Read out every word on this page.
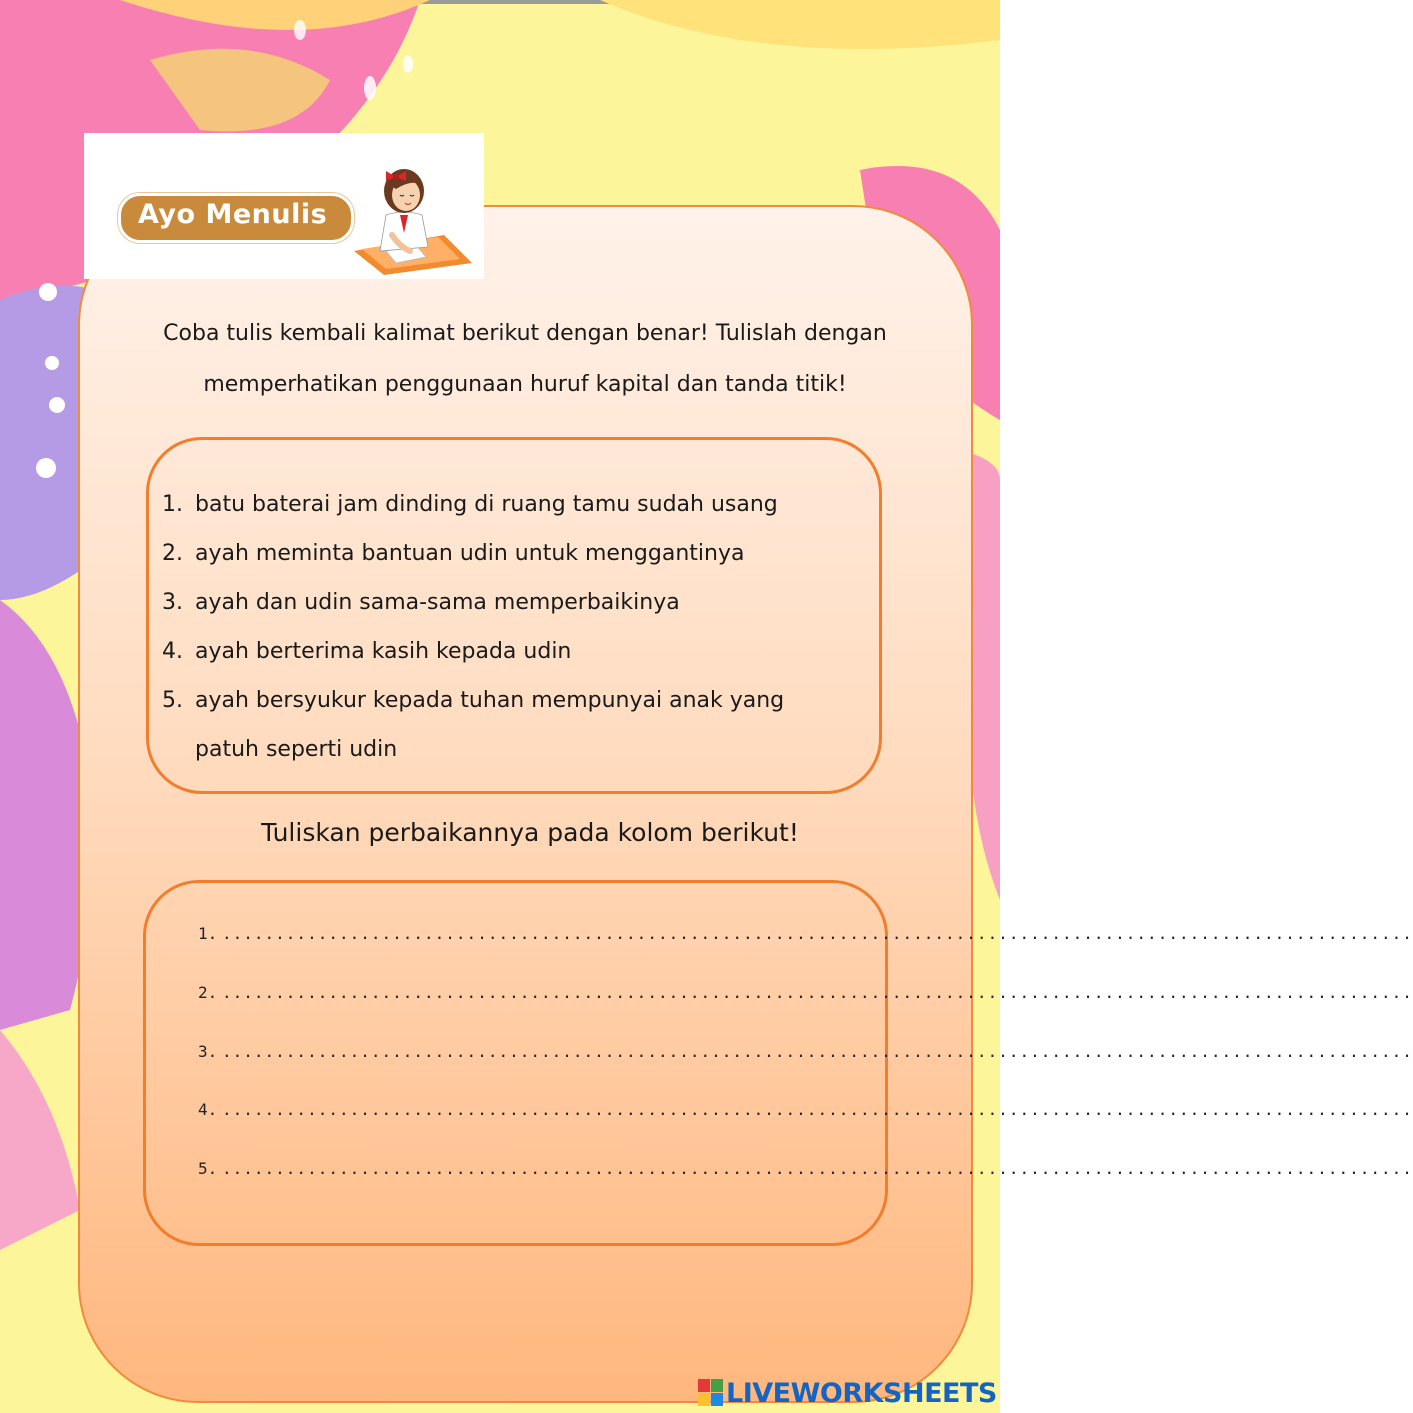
Ayo Menulis
Coba tulis kembali kalimat berikut dengan benar! Tulislah dengan
memperhatikan penggunaan huruf kapital dan tanda titik!
1. batu baterai jam dinding di ruang tamu sudah usang
2. ayah meminta bantuan udin untuk menggantinya
3. ayah dan udin sama-sama memperbaikinya
4. ayah berterima kasih kepada udin
5. ayah bersyukur kepada tuhan mempunyai anak yang patuh seperti udin
Tuliskan perbaikannya pada kolom berikut!
1. ................................................................................................................
2. ................................................................................................................
3. ................................................................................................................
4. ................................................................................................................
5. ................................................................................................................
LIVEWORKSHEETS
